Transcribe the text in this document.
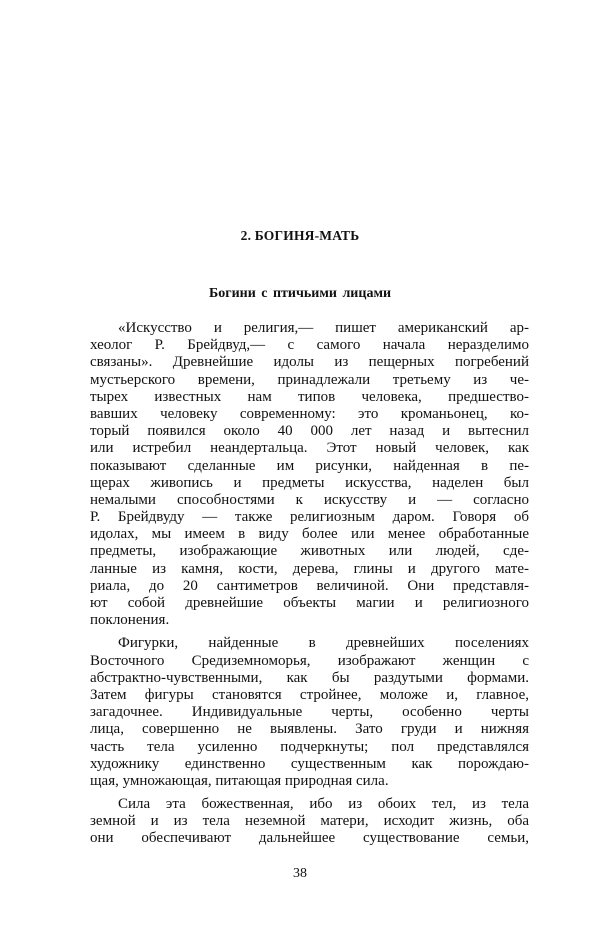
2. БОГИНЯ-МАТЬ
Богини с птичьими лицами
«Искусство и религия,— пишет американский ар-
хеолог Р. Брейдвуд,— с самого начала неразделимо
связаны». Древнейшие идолы из пещерных погребений
мустьерского времени, принадлежали третьему из че-
тырех известных нам типов человека, предшество-
вавших человеку современному: это кроманьонец, ко-
торый появился около 40 000 лет назад и вытеснил
или истребил неандертальца. Этот новый человек, как
показывают сделанные им рисунки, найденная в пе-
щерах живопись и предметы искусства, наделен был
немалыми способностями к искусству и — согласно
Р. Брейдвуду — также религиозным даром. Говоря об
идолах, мы имеем в виду более или менее обработанные
предметы, изображающие животных или людей, сде-
ланные из камня, кости, дерева, глины и другого мате-
риала, до 20 сантиметров величиной. Они представля-
ют собой древнейшие объекты магии и религиозного
поклонения.
Фигурки, найденные в древнейших поселениях
Восточного Средиземноморья, изображают женщин с
абстрактно-чувственными, как бы раздутыми формами.
Затем фигуры становятся стройнее, моложе и, главное,
загадочнее. Индивидуальные черты, особенно черты
лица, совершенно не выявлены. Зато груди и нижняя
часть тела усиленно подчеркнуты; пол представлялся
художнику единственно существенным как порождаю-
щая, умножающая, питающая природная сила.
Сила эта божественная, ибо из обоих тел, из тела
земной и из тела неземной матери, исходит жизнь, оба
они обеспечивают дальнейшее существование семьи,
38
